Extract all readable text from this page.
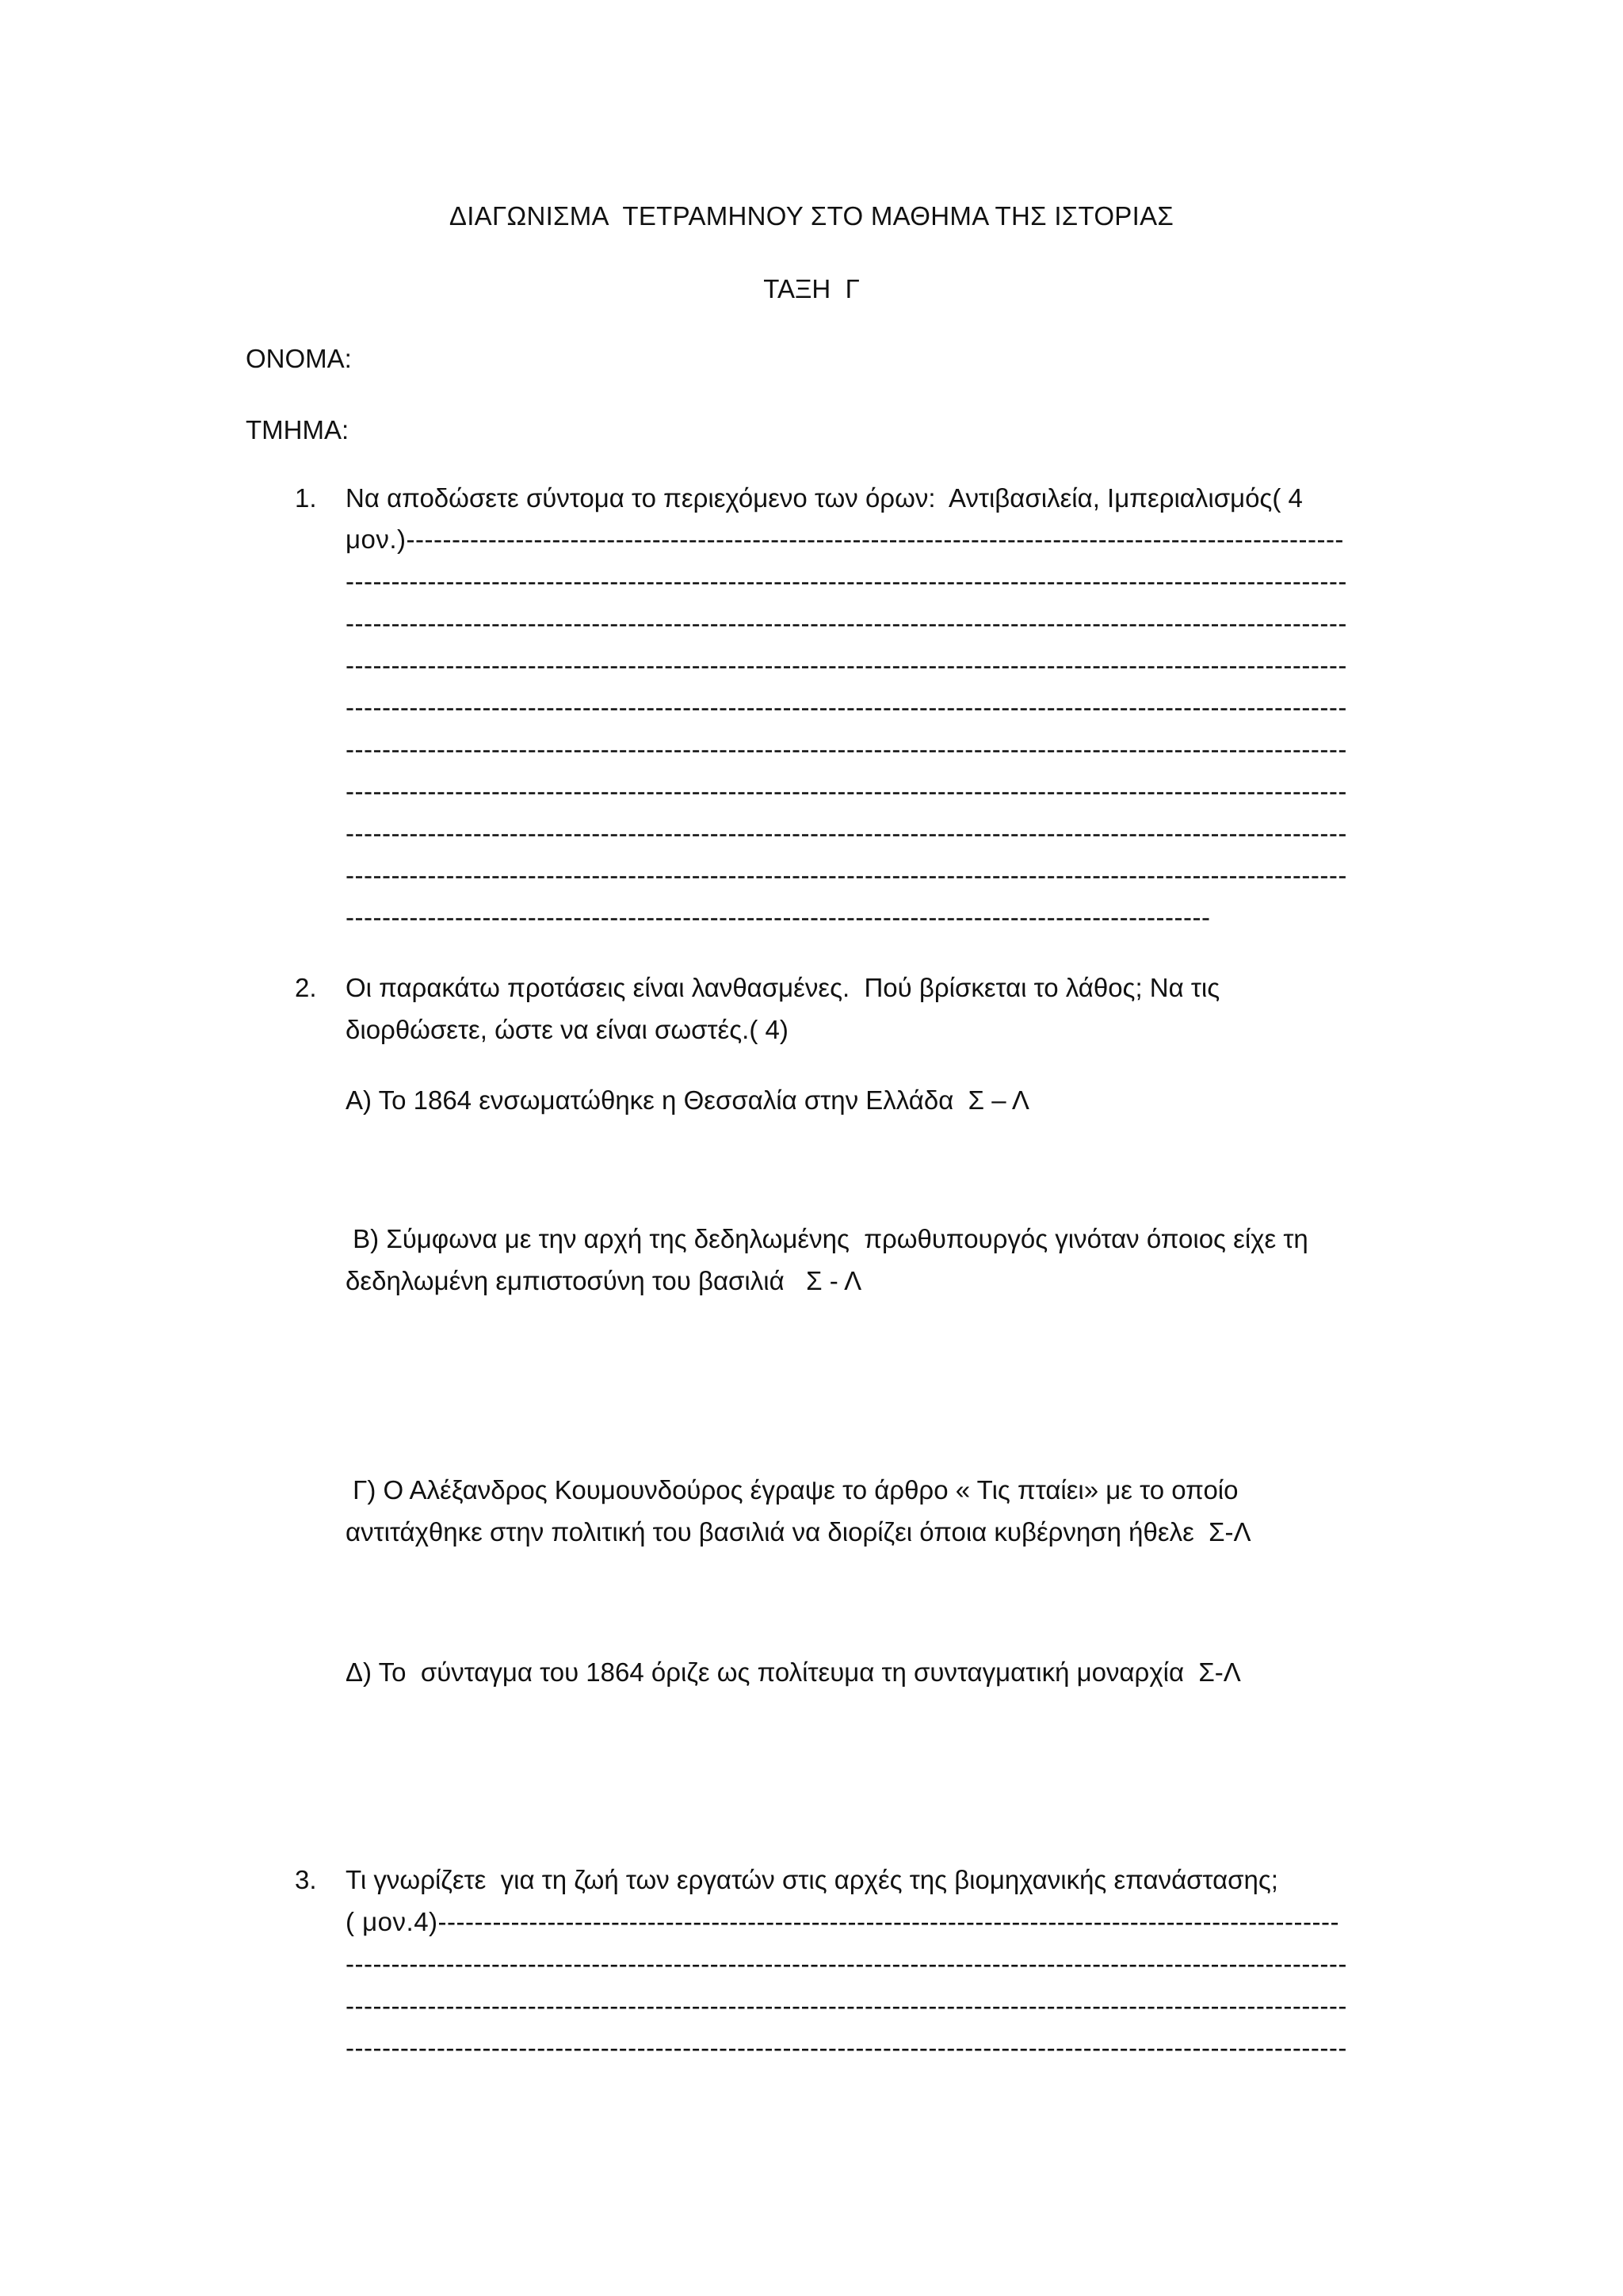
ΔΙΑΓΩΝΙΣΜΑ  ΤΕΤΡΑΜΗΝΟΥ ΣΤΟ ΜΑΘΗΜΑ ΤΗΣ ΙΣΤΟΡΙΑΣ
ΤΑΞΗ  Γ
ΟΝΟΜΑ:
ΤΜΗΜΑ:
1. Να αποδώσετε σύντομα το περιεχόμενο των όρων:  Αντιβασιλεία, Ιμπεριαλισμός( 4
μον.)-------------------------------------------------------------------------------------------------------
--------------------------------------------------------------------------------------------------------------
--------------------------------------------------------------------------------------------------------------
--------------------------------------------------------------------------------------------------------------
--------------------------------------------------------------------------------------------------------------
--------------------------------------------------------------------------------------------------------------
--------------------------------------------------------------------------------------------------------------
--------------------------------------------------------------------------------------------------------------
--------------------------------------------------------------------------------------------------------------
-----------------------------------------------------------------------------------------------
2. Οι παρακάτω προτάσεις είναι λανθασμένες.  Πού βρίσκεται το λάθος; Να τις
διορθώσετε, ώστε να είναι σωστές.( 4)
Α) Το 1864 ενσωματώθηκε η Θεσσαλία στην Ελλάδα  Σ – Λ
Β) Σύμφωνα με την αρχή της δεδηλωμένης  πρωθυπουργός γινόταν όποιος είχε τη
δεδηλωμένη εμπιστοσύνη του βασιλιά   Σ - Λ
Γ) Ο Αλέξανδρος Κουμουνδούρος έγραψε το άρθρο « Τις πταίει» με το οποίο
αντιτάχθηκε στην πολιτική του βασιλιά να διορίζει όποια κυβέρνηση ήθελε  Σ-Λ
Δ) Το  σύνταγμα του 1864 όριζε ως πολίτευμα τη συνταγματική μοναρχία  Σ-Λ
3. Τι γνωρίζετε  για τη ζωή των εργατών στις αρχές της βιομηχανικής επανάστασης;
( μον.4)---------------------------------------------------------------------------------------------------
--------------------------------------------------------------------------------------------------------------
--------------------------------------------------------------------------------------------------------------
--------------------------------------------------------------------------------------------------------------
